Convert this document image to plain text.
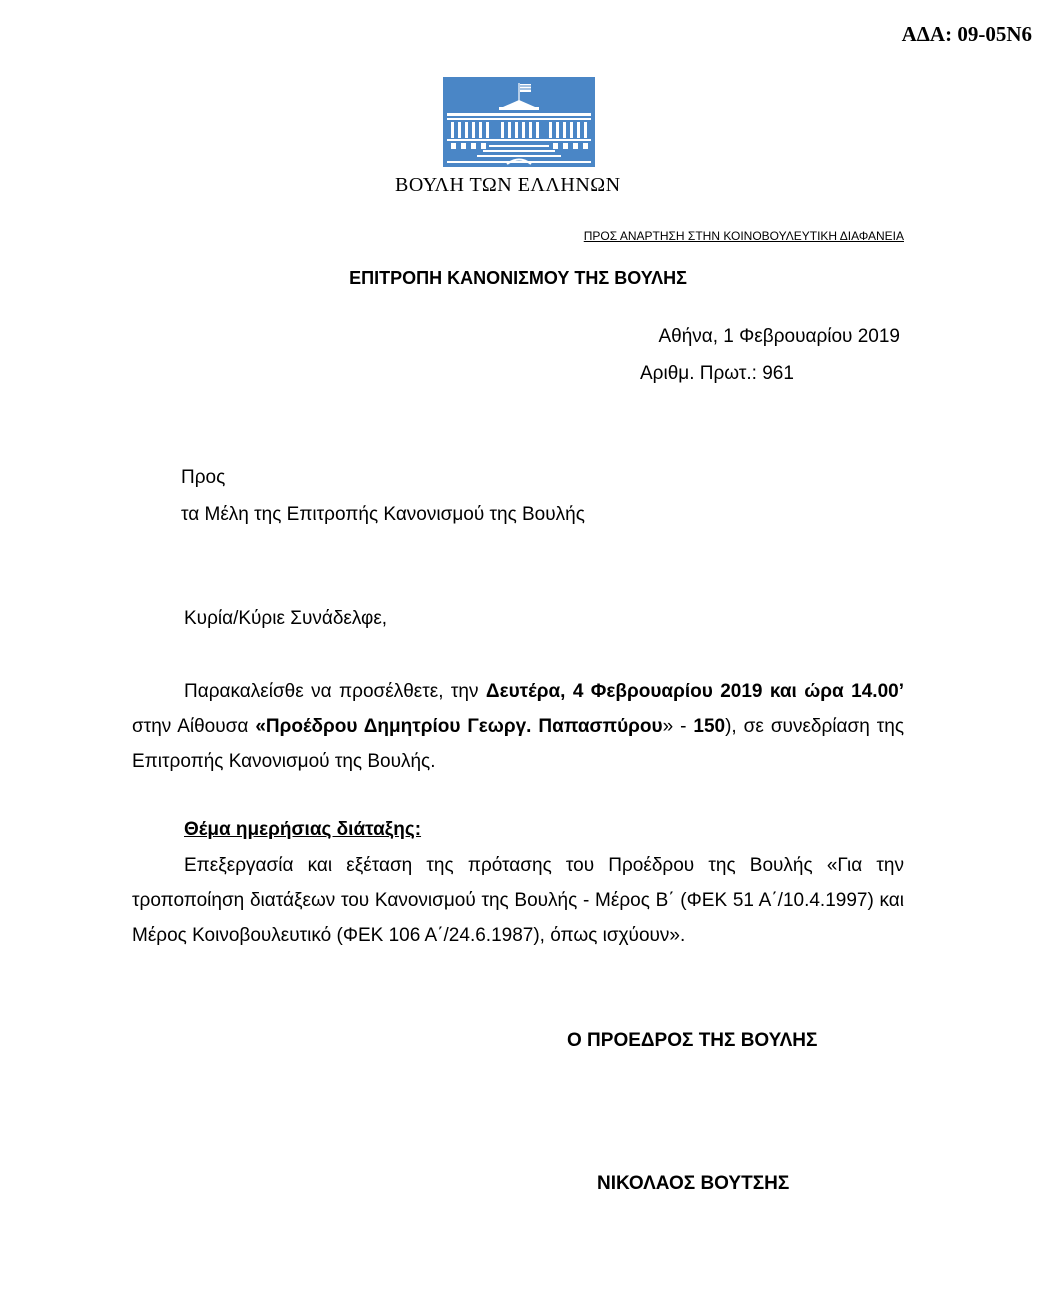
ΑΔΑ: 09-05Ν6
ΒΟΥΛΗ ΤΩΝ ΕΛΛΗΝΩΝ
ΠΡΟΣ ΑΝΑΡΤΗΣΗ ΣΤΗΝ ΚΟΙΝΟΒΟΥΛΕΥΤΙΚΗ ΔΙΑΦΑΝΕΙΑ
ΕΠΙΤΡΟΠΗ ΚΑΝΟΝΙΣΜΟΥ ΤΗΣ ΒΟΥΛΗΣ
Αθήνα, 1 Φεβρουαρίου 2019
Αριθμ. Πρωτ.: 961
Προς
τα Μέλη της Επιτροπής Κανονισμού της Βουλής
Κυρία/Κύριε Συνάδελφε,
Παρακαλείσθε να προσέλθετε, την Δευτέρα, 4 Φεβρουαρίου 2019 και ώρα 14.00’ στην Αίθουσα «Προέδρου Δημητρίου Γεωργ. Παπασπύρου» - 150), σε συνεδρίαση της Επιτροπής Κανονισμού της Βουλής.
Θέμα ημερήσιας διάταξης:
Επεξεργασία και εξέταση της πρότασης του Προέδρου της Βουλής «Για την τροποποίηση διατάξεων του Κανονισμού της Βουλής - Μέρος Β΄ (ΦΕΚ 51 Α΄/10.4.1997) και Μέρος Κοινοβουλευτικό (ΦΕΚ 106 Α΄/24.6.1987), όπως ισχύουν».
Ο ΠΡΟΕΔΡΟΣ ΤΗΣ ΒΟΥΛΗΣ
ΝΙΚΟΛΑΟΣ ΒΟΥΤΣΗΣ
